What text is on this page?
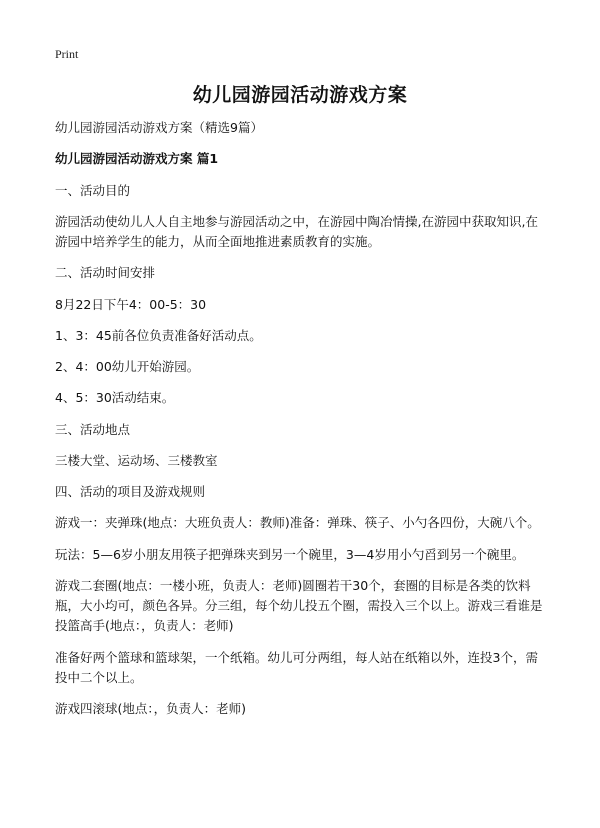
Print
幼儿园游园活动游戏方案

幼儿园游园活动游戏方案（精选9篇）

幼儿园游园活动游戏方案 篇1

一、活动目的

游园活动使幼儿人人自主地参与游园活动之中，在游园中陶冶情操,在游园中获取知识,在游园中培养学生的能力，从而全面地推进素质教育的实施。

二、活动时间安排

8月22日下午4：00-5：30

1、3：45前各位负责准备好活动点。

2、4：00幼儿开始游园。

4、5：30活动结束。

三、活动地点

三楼大堂、运动场、三楼教室

四、活动的项目及游戏规则

游戏一：夹弹珠(地点：大班负责人：教师)准备：弹珠、筷子、小勺各四份，大碗八个。

玩法：5—6岁小朋友用筷子把弹珠夹到另一个碗里，3—4岁用小勺舀到另一个碗里。

游戏二套圈(地点：一楼小班，负责人：老师)圆圈若干30个，套圈的目标是各类的饮料瓶，大小均可，颜色各异。分三组，每个幼儿投五个圈，需投入三个以上。游戏三看谁是投篮高手(地点：，负责人：老师)

准备好两个篮球和篮球架，一个纸箱。幼儿可分两组，每人站在纸箱以外，连投3个，需投中二个以上。

游戏四滚球(地点：，负责人：老师)
